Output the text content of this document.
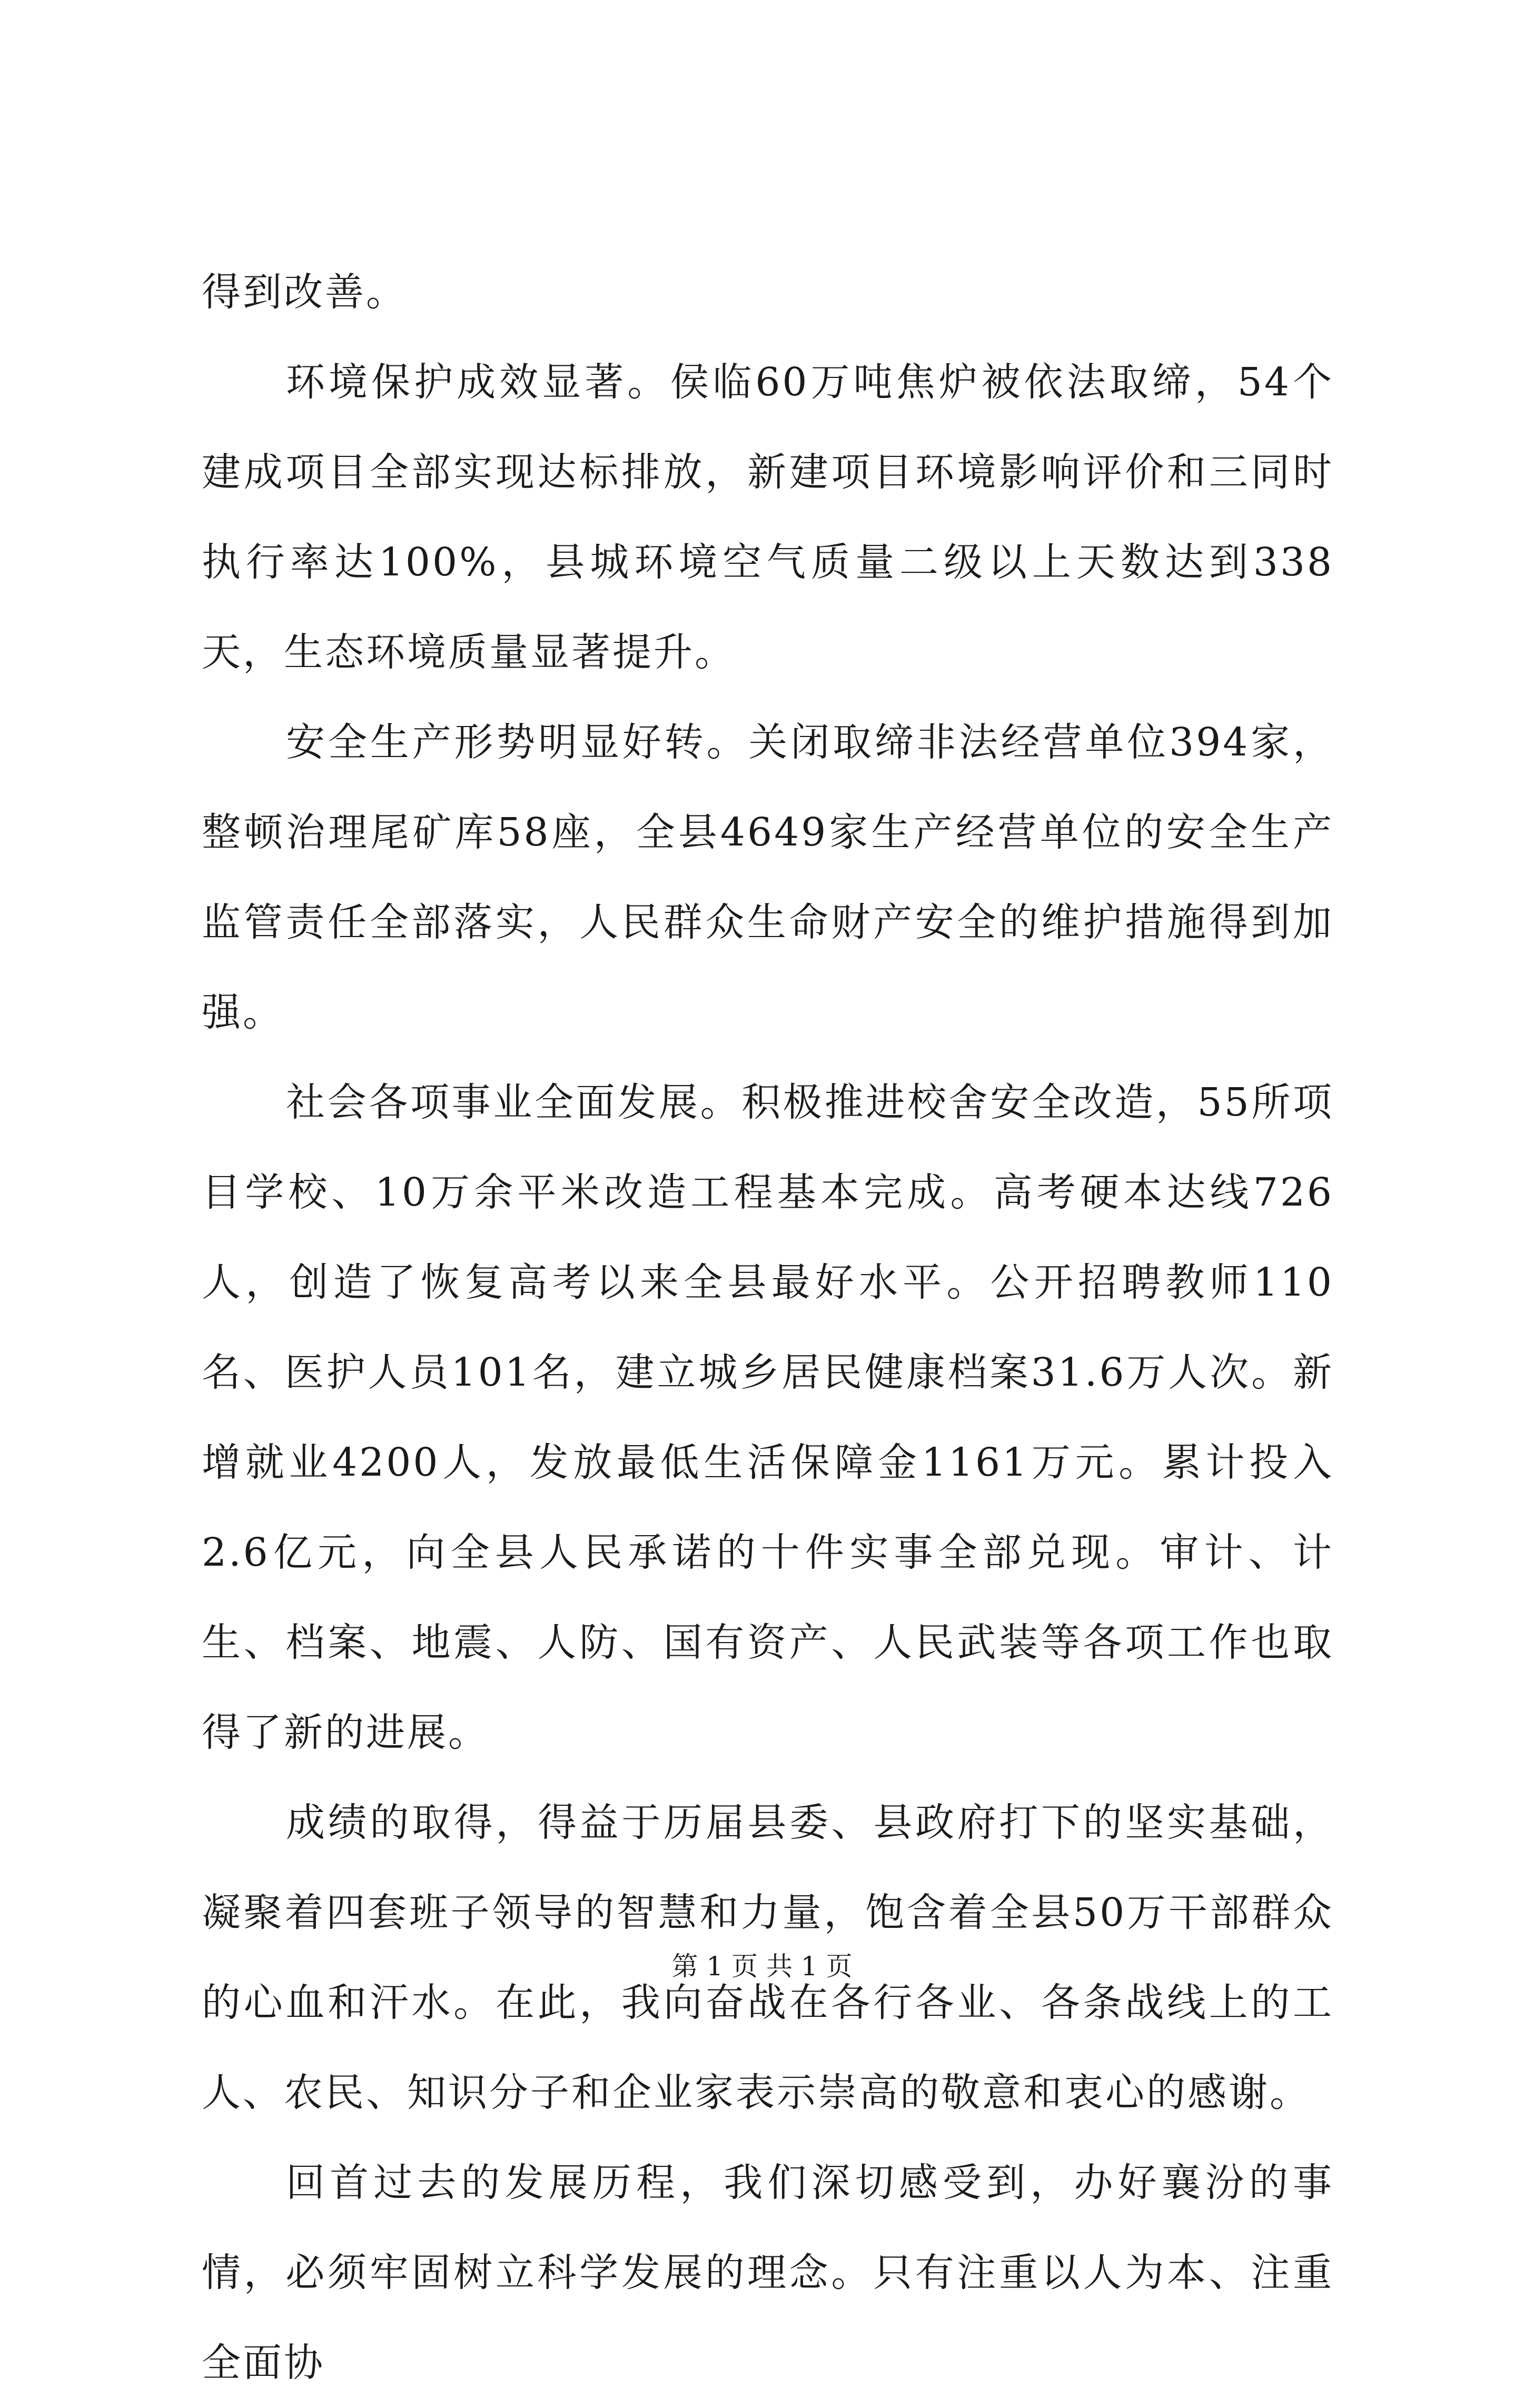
得到改善。

环境保护成效显著。侯临60万吨焦炉被依法取缔，54个建成项目全部实现达标排放，新建项目环境影响评价和三同时执行率达100%，县城环境空气质量二级以上天数达到338天，生态环境质量显著提升。

安全生产形势明显好转。关闭取缔非法经营单位394家，整顿治理尾矿库58座，全县4649家生产经营单位的安全生产监管责任全部落实，人民群众生命财产安全的维护措施得到加强。

社会各项事业全面发展。积极推进校舍安全改造，55所项目学校、10万余平米改造工程基本完成。高考硬本达线726人，创造了恢复高考以来全县最好水平。公开招聘教师110名、医护人员101名，建立城乡居民健康档案31.6万人次。新增就业4200人，发放最低生活保障金1161万元。累计投入2.6亿元，向全县人民承诺的十件实事全部兑现。审计、计生、档案、地震、人防、国有资产、人民武装等各项工作也取得了新的进展。

成绩的取得，得益于历届县委、县政府打下的坚实基础，凝聚着四套班子领导的智慧和力量，饱含着全县50万干部群众的心血和汗水。在此，我向奋战在各行各业、各条战线上的工人、农民、知识分子和企业家表示崇高的敬意和衷心的感谢。

回首过去的发展历程，我们深切感受到，办好襄汾的事情，必须牢固树立科学发展的理念。只有注重以人为本、注重全面协

第 1 页 共 1 页
